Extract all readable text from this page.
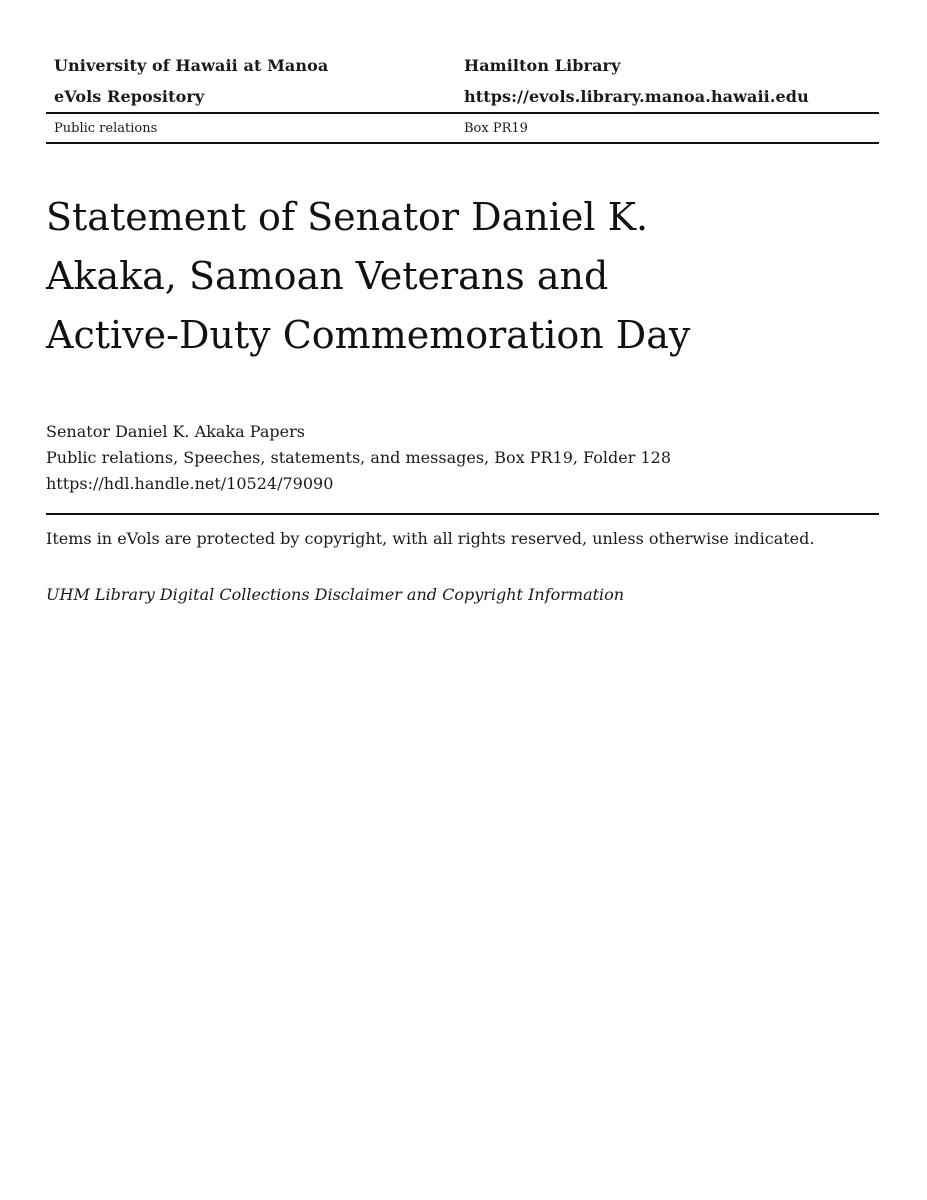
University of Hawaii at Manoa	Hamilton Library
eVols Repository	https://evols.library.manoa.hawaii.edu
Public relations	Box PR19
Statement of Senator Daniel K.
Akaka, Samoan Veterans and
Active-Duty Commemoration Day
Senator Daniel K. Akaka Papers
Public relations, Speeches, statements, and messages, Box PR19, Folder 128
https://hdl.handle.net/10524/79090
Items in eVols are protected by copyright, with all rights reserved, unless otherwise indicated.
UHM Library Digital Collections Disclaimer and Copyright Information
